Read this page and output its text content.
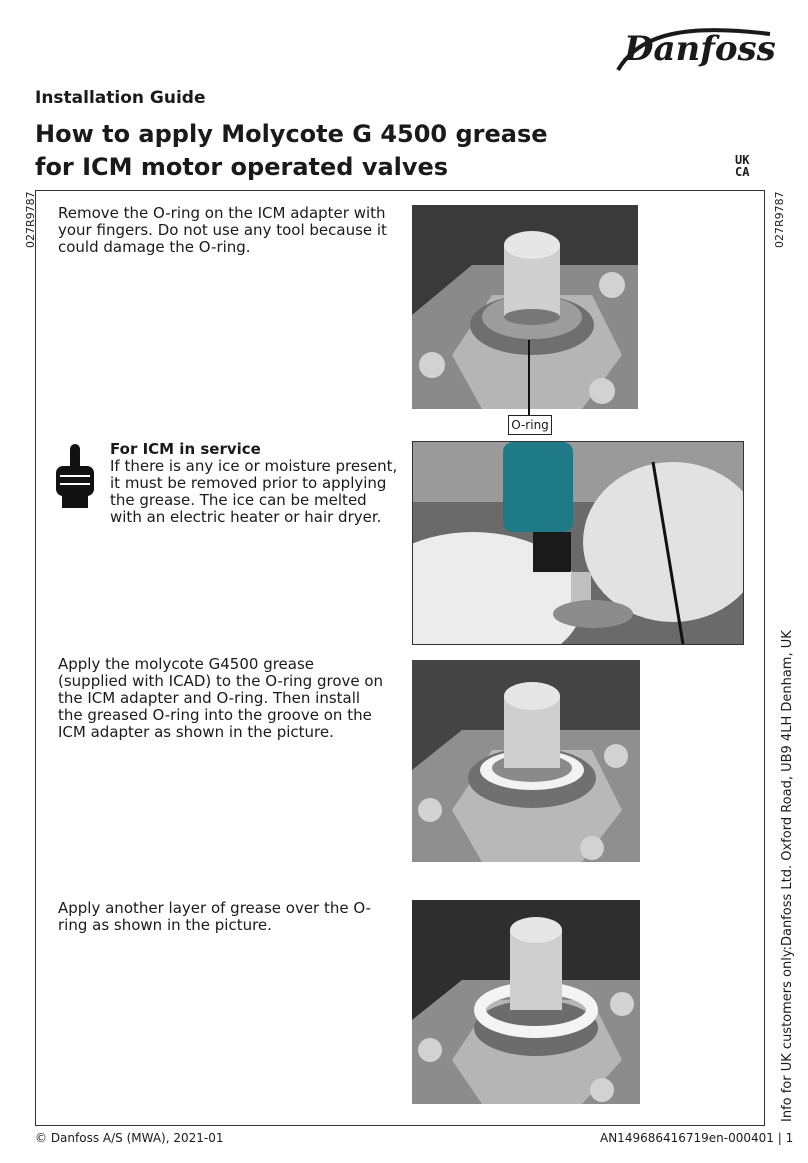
Danfoss
Installation Guide
How to apply Molycote G 4500 grease
for ICM motor operated valves	UK
CA
027R9787	027R9787
Info for UK customers only:Danfoss Ltd. Oxford Road, UB9 4LH Denham, UK
Remove the O-ring on the ICM adapter with your fingers. Do not use any tool because it could damage the O-ring.
O-ring
For ICM in service
If there is any ice or moisture present, it must be removed prior to applying the grease. The ice can be melted with an electric heater or hair dryer.
Apply the molycote G4500 grease (supplied with ICAD) to the O-ring grove on the ICM adapter and O-ring. Then install the greased O-ring into the groove on the ICM adapter as shown in the picture.
Apply another layer of grease over the O-ring as shown in the picture.
© Danfoss A/S (MWA), 2021-01	AN149686416719en-000401 | 1
